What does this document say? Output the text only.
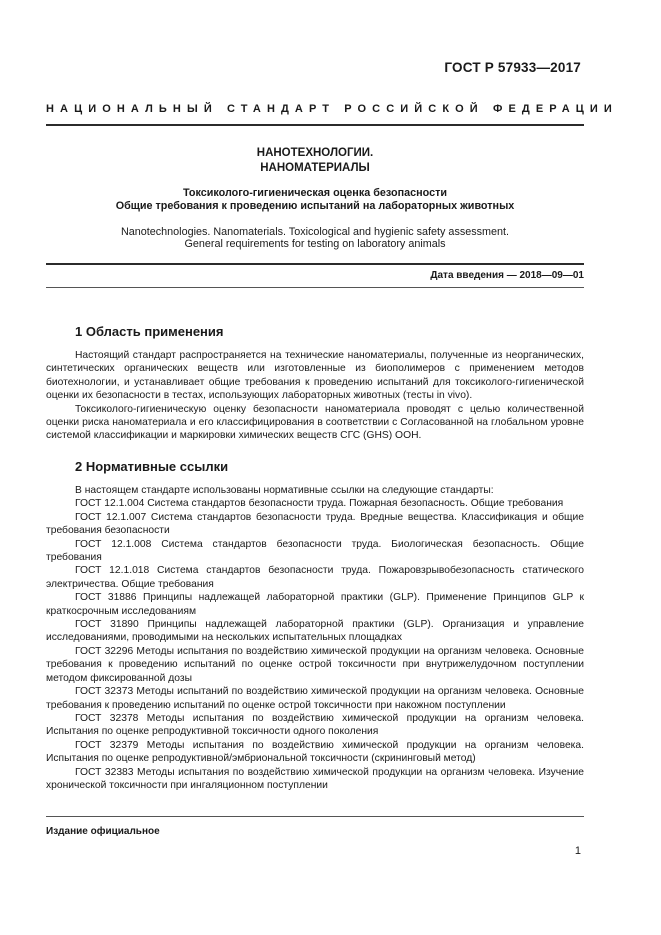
ГОСТ Р 57933—2017
НАЦИОНАЛЬНЫЙ СТАНДАРТ РОССИЙСКОЙ ФЕДЕРАЦИИ
НАНОТЕХНОЛОГИИ.
НАНОМАТЕРИАЛЫ
Токсиколого-гигиеническая оценка безопасности
Общие требования к проведению испытаний на лабораторных животных
Nanotechnologies. Nanomaterials. Toxicological and hygienic safety assessment.
General requirements for testing on laboratory animals
Дата введения — 2018—09—01
1 Область применения

Настоящий стандарт распространяется на технические наноматериалы, полученные из неорганических, синтетических органических веществ или изготовленные из биополимеров с применением методов биотехнологии, и устанавливает общие требования к проведению испытаний для токсиколого-гигиенической оценки их безопасности в тестах, использующих лабораторных животных (тесты in vivo).

Токсиколого-гигиеническую оценку безопасности наноматериала проводят с целью количественной оценки риска наноматериала и его классифицирования в соответствии с Согласованной на глобальном уровне системой классификации и маркировки химических веществ СГС (GHS) ООН.

2 Нормативные ссылки

В настоящем стандарте использованы нормативные ссылки на следующие стандарты:

ГОСТ 12.1.004 Система стандартов безопасности труда. Пожарная безопасность. Общие требования

ГОСТ 12.1.007 Система стандартов безопасности труда. Вредные вещества. Классификация и общие требования безопасности

ГОСТ 12.1.008 Система стандартов безопасности труда. Биологическая безопасность. Общие требования

ГОСТ 12.1.018 Система стандартов безопасности труда. Пожаровзрывобезопасность статического электричества. Общие требования

ГОСТ 31886 Принципы надлежащей лабораторной практики (GLP). Применение Принципов GLP к краткосрочным исследованиям

ГОСТ 31890 Принципы надлежащей лабораторной практики (GLP). Организация и управление исследованиями, проводимыми на нескольких испытательных площадках

ГОСТ 32296 Методы испытания по воздействию химической продукции на организм человека. Основные требования к проведению испытаний по оценке острой токсичности при внутрижелудочном поступлении методом фиксированной дозы

ГОСТ 32373 Методы испытаний по воздействию химической продукции на организм человека. Основные требования к проведению испытаний по оценке острой токсичности при накожном поступлении

ГОСТ 32378 Методы испытания по воздействию химической продукции на организм человека. Испытания по оценке репродуктивной токсичности одного поколения

ГОСТ 32379 Методы испытания по воздействию химической продукции на организм человека. Испытания по оценке репродуктивной/эмбриональной токсичности (скрининговый метод)

ГОСТ 32383 Методы испытания по воздействию химической продукции на организм человека. Изучение хронической токсичности при ингаляционном поступлении

Издание официальное
1
